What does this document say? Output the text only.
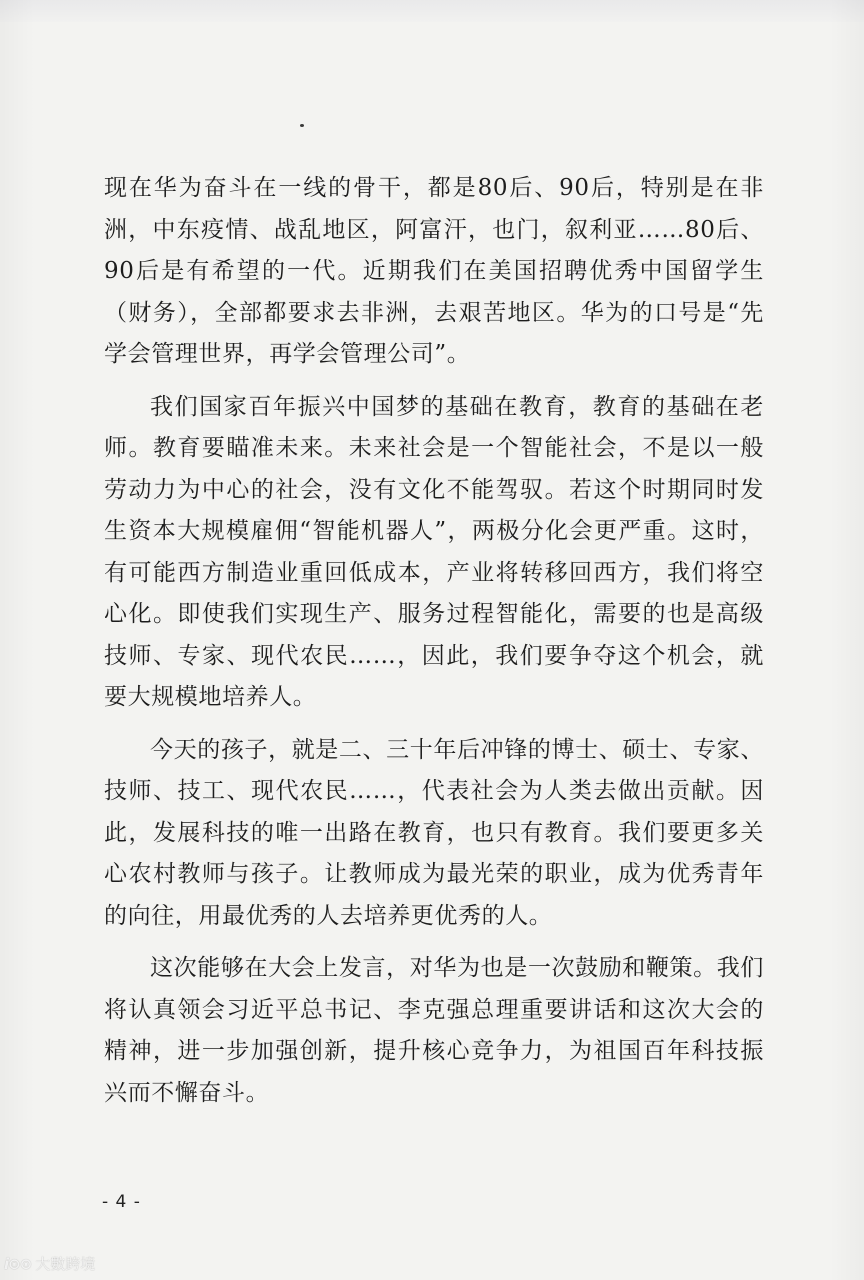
现在华为奋斗在一线的骨干，都是80后、90后，特别是在非洲，中东疫情、战乱地区，阿富汗，也门，叙利亚……80后、90后是有希望的一代。近期我们在美国招聘优秀中国留学生（财务），全部都要求去非洲，去艰苦地区。华为的口号是“先学会管理世界，再学会管理公司”。

我们国家百年振兴中国梦的基础在教育，教育的基础在老师。教育要瞄准未来。未来社会是一个智能社会，不是以一般劳动力为中心的社会，没有文化不能驾驭。若这个时期同时发生资本大规模雇佣“智能机器人”，两极分化会更严重。这时，有可能西方制造业重回低成本，产业将转移回西方，我们将空心化。即使我们实现生产、服务过程智能化，需要的也是高级技师、专家、现代农民……，因此，我们要争夺这个机会，就要大规模地培养人。

今天的孩子，就是二、三十年后冲锋的博士、硕士、专家、技师、技工、现代农民……，代表社会为人类去做出贡献。因此，发展科技的唯一出路在教育，也只有教育。我们要更多关心农村教师与孩子。让教师成为最光荣的职业，成为优秀青年的向往，用最优秀的人去培养更优秀的人。

这次能够在大会上发言，对华为也是一次鼓励和鞭策。我们将认真领会习近平总书记、李克强总理重要讲话和这次大会的精神，进一步加强创新，提升核心竞争力，为祖国百年科技振兴而不懈奋斗。

- 4 -
i⊙⊙ 大數跨境
